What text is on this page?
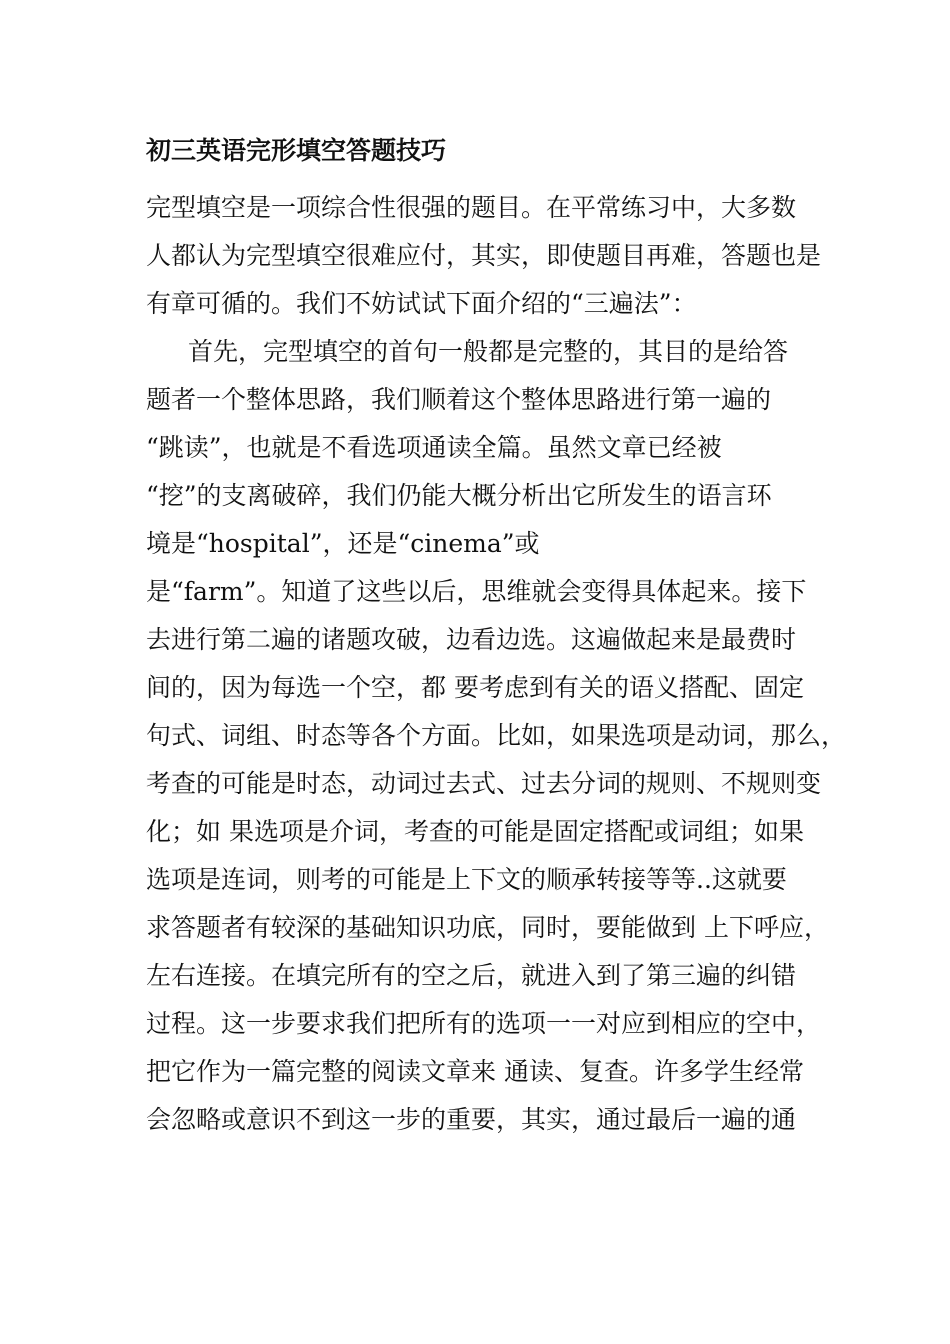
初三英语完形填空答题技巧
完型填空是一项综合性很强的题目。在平常练习中，大多数
人都认为完型填空很难应付，其实，即使题目再难，答题也是
有章可循的。我们不妨试试下面介绍的“三遍法”：
首先，完型填空的首句一般都是完整的，其目的是给答
题者一个整体思路，我们顺着这个整体思路进行第一遍的
“跳读”，也就是不看选项通读全篇。虽然文章已经被
“挖”的支离破碎，我们仍能大概分析出它所发生的语言环
境是“hospital”，还是“cinema”或
是“farm”。知道了这些以后，思维就会变得具体起来。接下
去进行第二遍的诸题攻破，边看边选。这遍做起来是最费时
间的，因为每选一个空，都 要考虑到有关的语义搭配、固定
句式、词组、时态等各个方面。比如，如果选项是动词，那么，
考查的可能是时态，动词过去式、过去分词的规则、不规则变
化；如 果选项是介词，考查的可能是固定搭配或词组；如果
选项是连词，则考的可能是上下文的顺承转接等等..这就要
求答题者有较深的基础知识功底，同时，要能做到 上下呼应，
左右连接。在填完所有的空之后，就进入到了第三遍的纠错
过程。这一步要求我们把所有的选项一一对应到相应的空中，
把它作为一篇完整的阅读文章来 通读、复查。许多学生经常
会忽略或意识不到这一步的重要，其实，通过最后一遍的通
